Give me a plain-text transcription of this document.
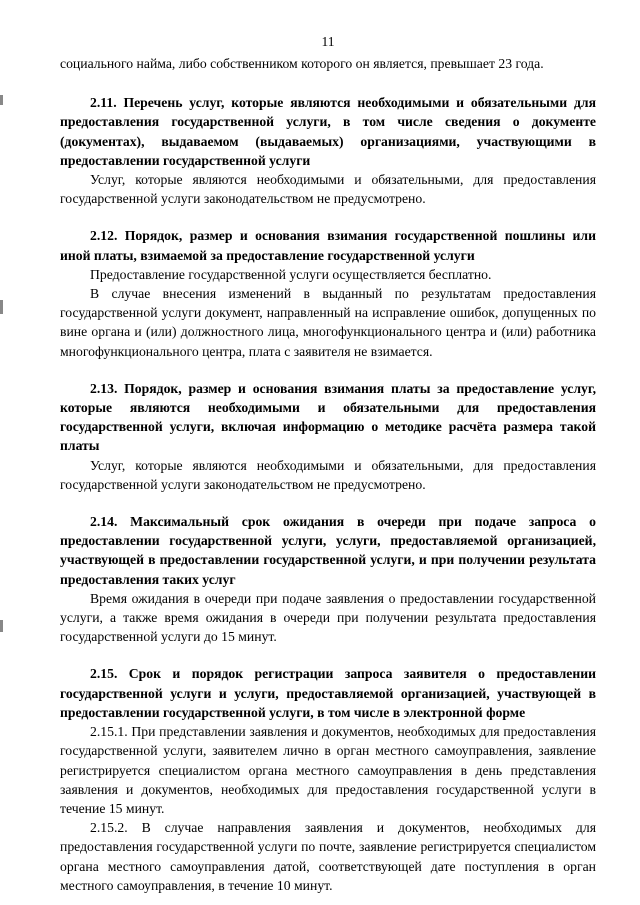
11

социального найма, либо собственником которого он является, превышает 23 года.

2.11. Перечень услуг, которые являются необходимыми и обязательными для предоставления государственной услуги, в том числе сведения о документе (документах), выдаваемом (выдаваемых) организациями, участвующими в предоставлении государственной услуги

Услуг, которые являются необходимыми и обязательными, для предоставления государственной услуги законодательством не предусмотрено.

2.12. Порядок, размер и основания взимания государственной пошлины или иной платы, взимаемой за предоставление государственной услуги

Предоставление государственной услуги осуществляется бесплатно.

В случае внесения изменений в выданный по результатам предоставления государственной услуги документ, направленный на исправление ошибок, допущенных по вине органа и (или) должностного лица, многофункционального центра и (или) работника многофункционального центра, плата с заявителя не взимается.

2.13. Порядок, размер и основания взимания платы за предоставление услуг, которые являются необходимыми и обязательными для предоставления государственной услуги, включая информацию о методике расчёта размера такой платы

Услуг, которые являются необходимыми и обязательными, для предоставления государственной услуги законодательством не предусмотрено.

2.14. Максимальный срок ожидания в очереди при подаче запроса о предоставлении государственной услуги, услуги, предоставляемой организацией, участвующей в предоставлении государственной услуги, и при получении результата предоставления таких услуг

Время ожидания в очереди при подаче заявления о предоставлении государственной услуги, а также время ожидания в очереди при получении результата предоставления государственной услуги до 15 минут.

2.15. Срок и порядок регистрации запроса заявителя о предоставлении государственной услуги и услуги, предоставляемой организацией, участвующей в предоставлении государственной услуги, в том числе в электронной форме

2.15.1. При представлении заявления и документов, необходимых для предоставления государственной услуги, заявителем лично в орган местного самоуправления, заявление регистрируется специалистом органа местного самоуправления в день представления заявления и документов, необходимых для предоставления государственной услуги в течение 15 минут.

2.15.2. В случае направления заявления и документов, необходимых для предоставления государственной услуги по почте, заявление регистрируется специалистом органа местного самоуправления датой, соответствующей дате поступления в орган местного самоуправления, в течение 10 минут.
